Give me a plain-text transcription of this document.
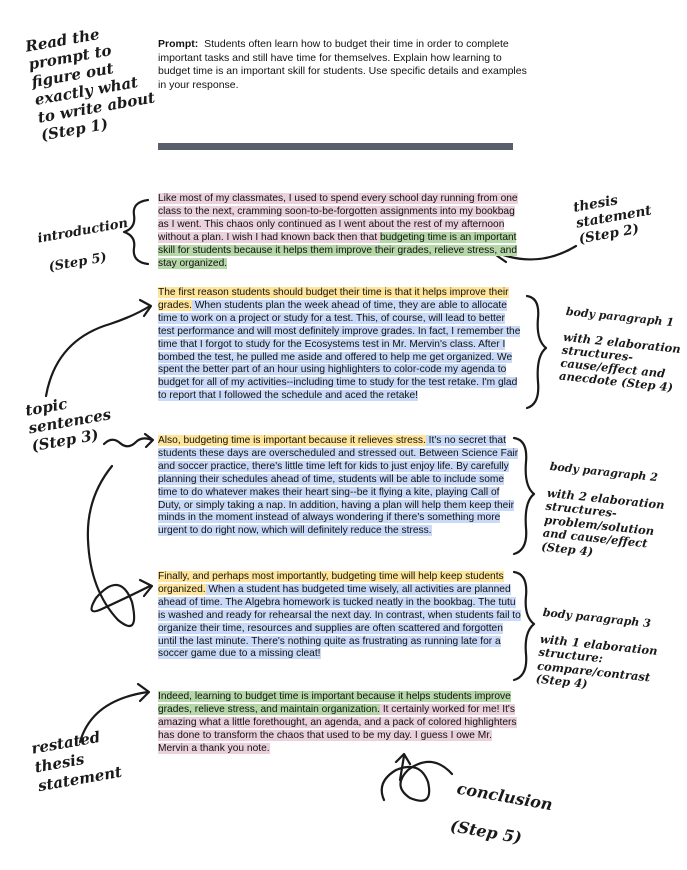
Read the
prompt to
figure out
exactly what
to write about
(Step 1)

introduction

(Step 5)

thesis
statement
(Step 2)

body paragraph 1

with 2 elaboration
structures-
cause/effect and
anecdote (Step 4)

topic
sentences
(Step 3)

body paragraph 2

with 2 elaboration
structures-
problem/solution
and cause/effect
(Step 4)

body paragraph 3

with 1 elaboration
structure:
compare/contrast
(Step 4)

restated
thesis
statement	conclusion

(Step 5)

Prompt: Students often learn how to budget their time in order to complete important tasks and still have time for themselves. Explain how learning to budget time is an important skill for students. Use specific details and examples in your response.
Like most of my classmates, I used to spend every school day running from one class to the next, cramming soon-to-be-forgotten assignments into my bookbag as I went. This chaos only continued as I went about the rest of my afternoon without a plan. I wish I had known back then that budgeting time is an important skill for students because it helps them improve their grades, relieve stress, and stay organized.
The first reason students should budget their time is that it helps improve their grades. When students plan the week ahead of time, they are able to allocate time to work on a project or study for a test. This, of course, will lead to better test performance and will most definitely improve grades. In fact, I remember the time that I forgot to study for the Ecosystems test in Mr. Mervin's class. After I bombed the test, he pulled me aside and offered to help me get organized. We spent the better part of an hour using highlighters to color-code my agenda to budget for all of my activities--including time to study for the test retake. I'm glad to report that I followed the schedule and aced the retake!
Also, budgeting time is important because it relieves stress. It's no secret that students these days are overscheduled and stressed out. Between Science Fair and soccer practice, there's little time left for kids to just enjoy life. By carefully planning their schedules ahead of time, students will be able to include some time to do whatever makes their heart sing--be it flying a kite, playing Call of Duty, or simply taking a nap. In addition, having a plan will help them keep their minds in the moment instead of always wondering if there's something more urgent to do right now, which will definitely reduce the stress.
Finally, and perhaps most importantly, budgeting time will help keep students organized. When a student has budgeted time wisely, all activities are planned ahead of time. The Algebra homework is tucked neatly in the bookbag. The tutu is washed and ready for rehearsal the next day. In contrast, when students fail to organize their time, resources and supplies are often scattered and forgotten until the last minute. There's nothing quite as frustrating as running late for a soccer game due to a missing cleat!
Indeed, learning to budget time is important because it helps students improve grades, relieve stress, and maintain organization. It certainly worked for me! It's amazing what a little forethought, an agenda, and a pack of colored highlighters has done to transform the chaos that used to be my day. I guess I owe Mr. Mervin a thank you note.
